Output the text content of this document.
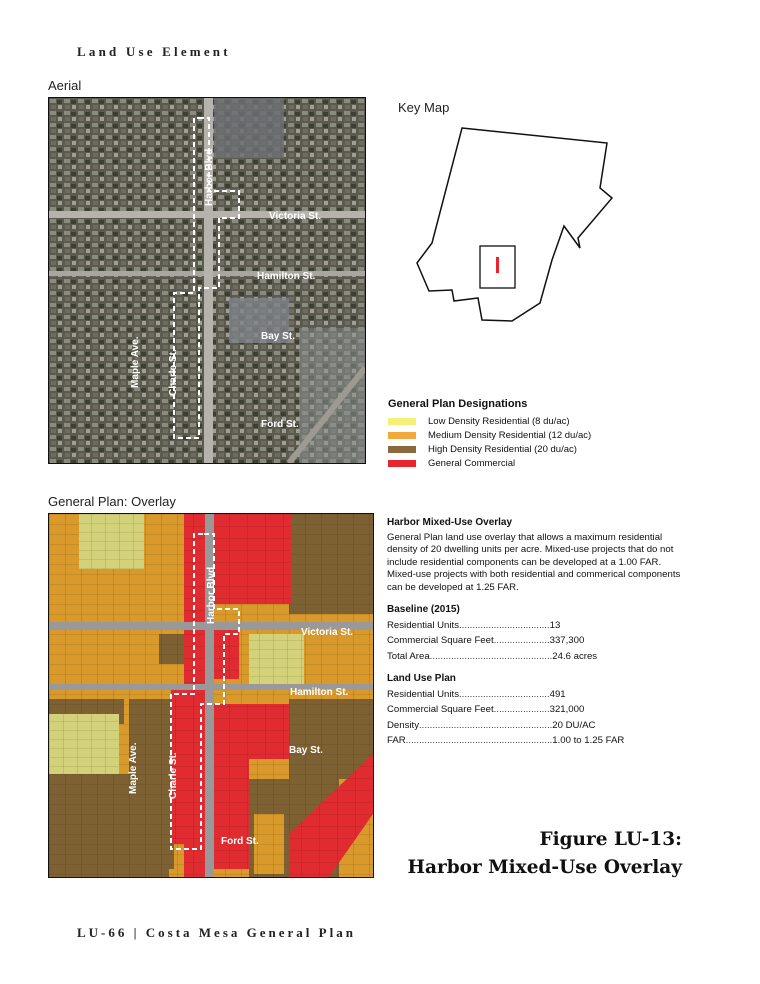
Land Use Element
Aerial
Harbor Blvd
Victoria St.
Hamilton St.
Bay St.
Maple Ave.	Charle St.
Ford St.
Key Map
General Plan Designations
Low Density Residential (8 du/ac)
Medium Density Residential (12 du/ac)
High Density Residential (20 du/ac)
General Commercial
General Plan: Overlay
Harbor Blvd
Victoria St.
Hamilton St.
Bay St.
Maple Ave.	Charle St.
Ford St.
Harbor Mixed-Use Overlay

General Plan land use overlay that allows a maximum residential density of 20 dwelling units per acre. Mixed-use projects that do not include residential components can be developed at a 1.00 FAR. Mixed-use projects with both residential and commerical components can be developed at 1.25 FAR.

Baseline (2015)
Residential Units .................................. 13
Commercial Square Feet ..................... 337,300
Total Area .............................................. 24.6 acres
Land Use Plan
Residential Units .................................. 491
Commercial Square Feet ..................... 321,000
Density .................................................. 20 DU/AC
FAR ....................................................... 1.00 to 1.25 FAR
Figure LU-13:
Harbor Mixed-Use Overlay
LU-66 | Costa Mesa General Plan
